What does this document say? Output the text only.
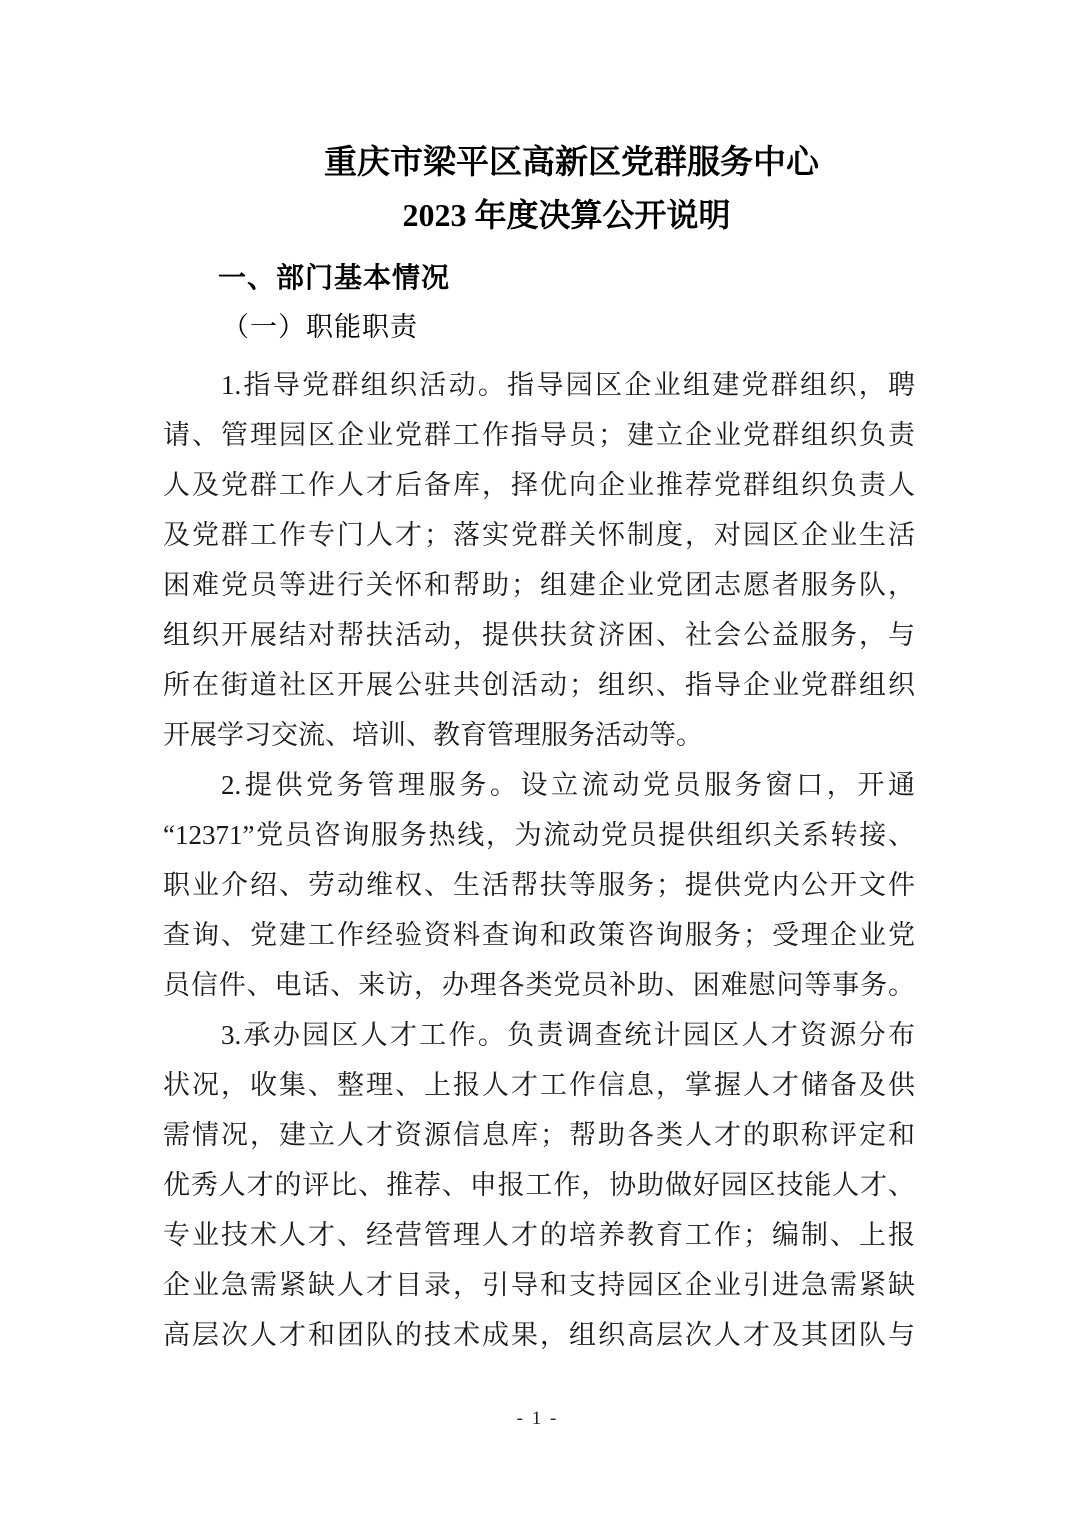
重庆市梁平区高新区党群服务中心
2023 年度决算公开说明
一、部门基本情况
（一）职能职责
1.指导党群组织活动。指导园区企业组建党群组织，聘
请、管理园区企业党群工作指导员；建立企业党群组织负责
人及党群工作人才后备库，择优向企业推荐党群组织负责人
及党群工作专门人才；落实党群关怀制度，对园区企业生活
困难党员等进行关怀和帮助；组建企业党团志愿者服务队，
组织开展结对帮扶活动，提供扶贫济困、社会公益服务，与
所在街道社区开展公驻共创活动；组织、指导企业党群组织
开展学习交流、培训、教育管理服务活动等。
2.提供党务管理服务。设立流动党员服务窗口，开通
“12371”党员咨询服务热线，为流动党员提供组织关系转接、
职业介绍、劳动维权、生活帮扶等服务；提供党内公开文件
查询、党建工作经验资料查询和政策咨询服务；受理企业党
员信件、电话、来访，办理各类党员补助、困难慰问等事务。
3.承办园区人才工作。负责调查统计园区人才资源分布
状况，收集、整理、上报人才工作信息，掌握人才储备及供
需情况，建立人才资源信息库；帮助各类人才的职称评定和
优秀人才的评比、推荐、申报工作，协助做好园区技能人才、
专业技术人才、经营管理人才的培养教育工作；编制、上报
企业急需紧缺人才目录，引导和支持园区企业引进急需紧缺
高层次人才和团队的技术成果，组织高层次人才及其团队与
- 1 -
